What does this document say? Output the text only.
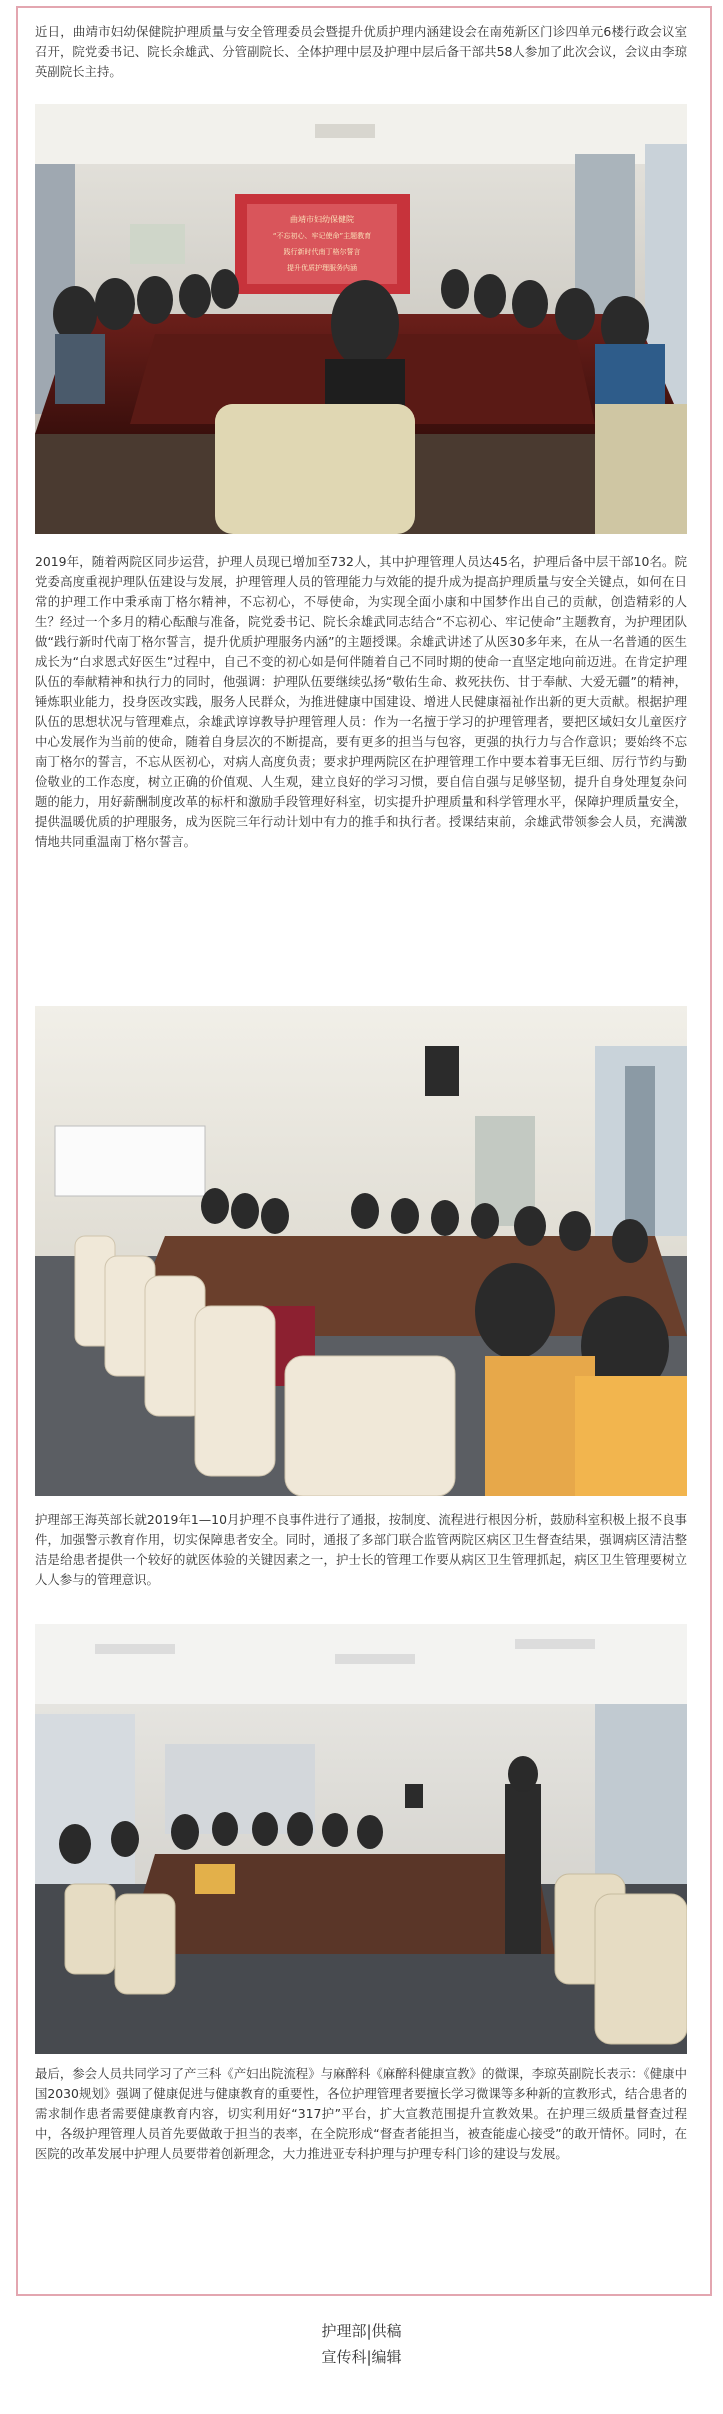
近日，曲靖市妇幼保健院护理质量与安全管理委员会暨提升优质护理内涵建设会在南苑新区门诊四单元6楼行政会议室召开，院党委书记、院长余雄武、分管副院长、全体护理中层及护理中层后备干部共58人参加了此次会议，会议由李琼英副院长主持。

曲靖市妇幼保健院
“不忘初心、牢记使命”主题教育
践行新时代南丁格尔誓言
提升优质护理服务内涵

2019年，随着两院区同步运营，护理人员现已增加至732人，其中护理管理人员达45名，护理后备中层干部10名。院党委高度重视护理队伍建设与发展，护理管理人员的管理能力与效能的提升成为提高护理质量与安全关键点，如何在日常的护理工作中秉承南丁格尔精神，不忘初心，不辱使命，为实现全面小康和中国梦作出自己的贡献，创造精彩的人生？经过一个多月的精心酝酿与准备，院党委书记、院长余雄武同志结合“不忘初心、牢记使命”主题教育，为护理团队做“践行新时代南丁格尔誓言，提升优质护理服务内涵”的主题授课。余雄武讲述了从医30多年来，在从一名普通的医生成长为“白求恩式好医生”过程中，自己不变的初心如是何伴随着自己不同时期的使命一直坚定地向前迈进。在肯定护理队伍的奉献精神和执行力的同时，他强调：护理队伍要继续弘扬“敬佑生命、救死扶伤、甘于奉献、大爱无疆”的精神，锤炼职业能力，投身医改实践，服务人民群众，为推进健康中国建设、增进人民健康福祉作出新的更大贡献。根据护理队伍的思想状况与管理难点，余雄武谆谆教导护理管理人员：作为一名擅于学习的护理管理者，要把区域妇女儿童医疗中心发展作为当前的使命，随着自身层次的不断提高，要有更多的担当与包容，更强的执行力与合作意识；要始终不忘南丁格尔的誓言，不忘从医初心，对病人高度负责；要求护理两院区在护理管理工作中要本着事无巨细、厉行节约与勤俭敬业的工作态度，树立正确的价值观、人生观，建立良好的学习习惯，要自信自强与足够坚韧，提升自身处理复杂问题的能力，用好薪酬制度改革的标杆和激励手段管理好科室，切实提升护理质量和科学管理水平，保障护理质量安全，提供温暖优质的护理服务，成为医院三年行动计划中有力的推手和执行者。授课结束前，余雄武带领参会人员，充满激情地共同重温南丁格尔誓言。

护理部王海英部长就2019年1—10月护理不良事件进行了通报，按制度、流程进行根因分析，鼓励科室积极上报不良事件，加强警示教育作用，切实保障患者安全。同时，通报了多部门联合监管两院区病区卫生督查结果，强调病区清洁整洁是给患者提供一个较好的就医体验的关键因素之一，护士长的管理工作要从病区卫生管理抓起，病区卫生管理要树立人人参与的管理意识。

最后，参会人员共同学习了产三科《产妇出院流程》与麻醉科《麻醉科健康宣教》的微课，李琼英副院长表示：《健康中国2030规划》强调了健康促进与健康教育的重要性，各位护理管理者要擅长学习微课等多种新的宣教形式，结合患者的需求制作患者需要健康教育内容，切实利用好“317护”平台，扩大宣教范围提升宣教效果。在护理三级质量督查过程中，各级护理管理人员首先要做敢于担当的表率，在全院形成“督查者能担当，被查能虚心接受”的敢开情怀。同时，在医院的改革发展中护理人员要带着创新理念，大力推进亚专科护理与护理专科门诊的建设与发展。

护理部|供稿
宣传科|编辑
